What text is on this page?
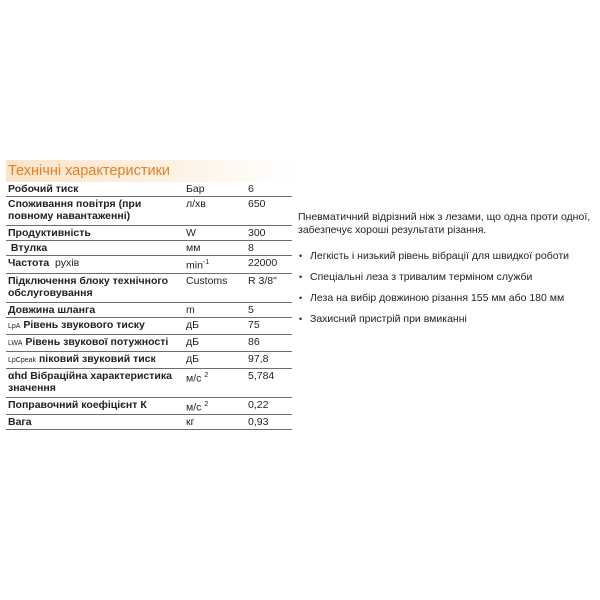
Технічні характеристики
Робочий тиск	Бар	6
Споживання повітря (при повному навантаженні)	л/хв	650
Продуктивність	W	300
Втулка	мм	8
Частота рухів	$\min^{-1}$	22000
Підключення блоку технічного обслуговування	Customs	R 3/8"
Довжина шланга	m	5
LpA Рівень звукового тиску	дБ	75
LWA Рівень звукової потужності	дБ	86
LpCpeak піковий звуковий тиск	дБ	97,8
αhd Вібраційна характеристика значення	м/с $^2$	5,784
Поправочний коефіцієнт К	м/с $^2$	0,22
Вага	кг	0,93
Пневматичний відрізний ніж з лезами, що одна проти одної, забезпечує хороші результати різання.
• Легкість і низький рівень вібрації для швидкої роботи
• Спеціальні леза з тривалим терміном служби
• Леза на вибір довжиною різання 155 мм або 180 мм
• Захисний пристрій при вмиканні
